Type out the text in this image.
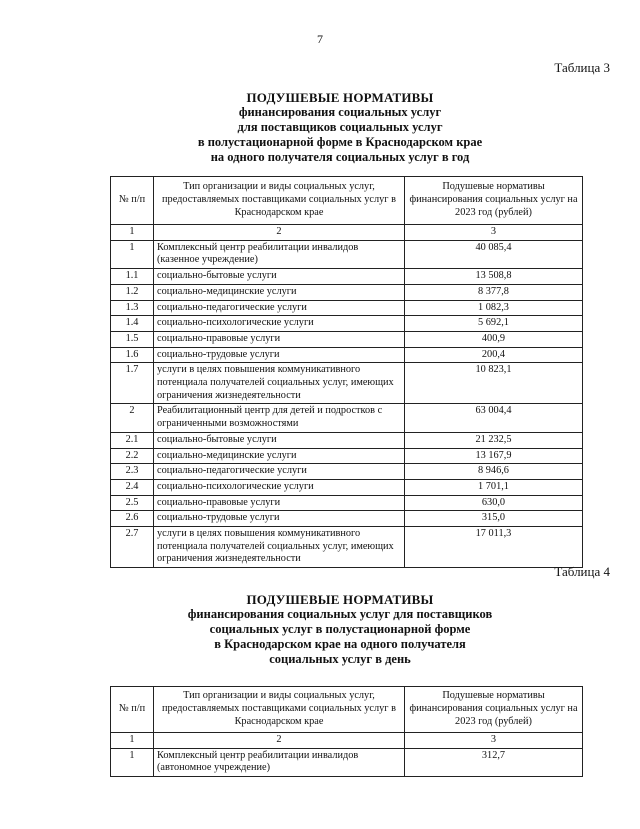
7
Таблица 3
ПОДУШЕВЫЕ НОРМАТИВЫ
финансирования социальных услуг
для поставщиков социальных услуг
в полустационарной форме в Краснодарском крае
на одного получателя социальных услуг в год
№ п/п	Тип организации и виды социальных услуг, предоставляемых поставщиками социальных услуг в Краснодарском крае	Подушевые нормативы финансирования социальных услуг на 2023 год (рублей)
1	2	3
1	Комплексный центр реабилитации инвалидов (казенное учреждение)	40 085,4
1.1	социально-бытовые услуги	13 508,8
1.2	социально-медицинские услуги	8 377,8
1.3	социально-педагогические услуги	1 082,3
1.4	социально-психологические услуги	5 692,1
1.5	социально-правовые услуги	400,9
1.6	социально-трудовые услуги	200,4
1.7	услуги в целях повышения коммуникативного потенциала получателей социальных услуг, имеющих ограничения жизнедеятельности	10 823,1
2	Реабилитационный центр для детей и подростков с ограниченными возможностями	63 004,4
2.1	социально-бытовые услуги	21 232,5
2.2	социально-медицинские услуги	13 167,9
2.3	социально-педагогические услуги	8 946,6
2.4	социально-психологические услуги	1 701,1
2.5	социально-правовые услуги	630,0
2.6	социально-трудовые услуги	315,0
2.7	услуги в целях повышения коммуникативного потенциала получателей социальных услуг, имеющих ограничения жизнедеятельности	17 011,3
Таблица 4
ПОДУШЕВЫЕ НОРМАТИВЫ
финансирования социальных услуг для поставщиков
социальных услуг в полустационарной форме
в Краснодарском крае на одного получателя
социальных услуг в день
№ п/п	Тип организации и виды социальных услуг, предоставляемых поставщиками социальных услуг в Краснодарском крае	Подушевые нормативы финансирования социальных услуг на 2023 год (рублей)
1	2	3
1	Комплексный центр реабилитации инвалидов (автономное учреждение)	312,7
